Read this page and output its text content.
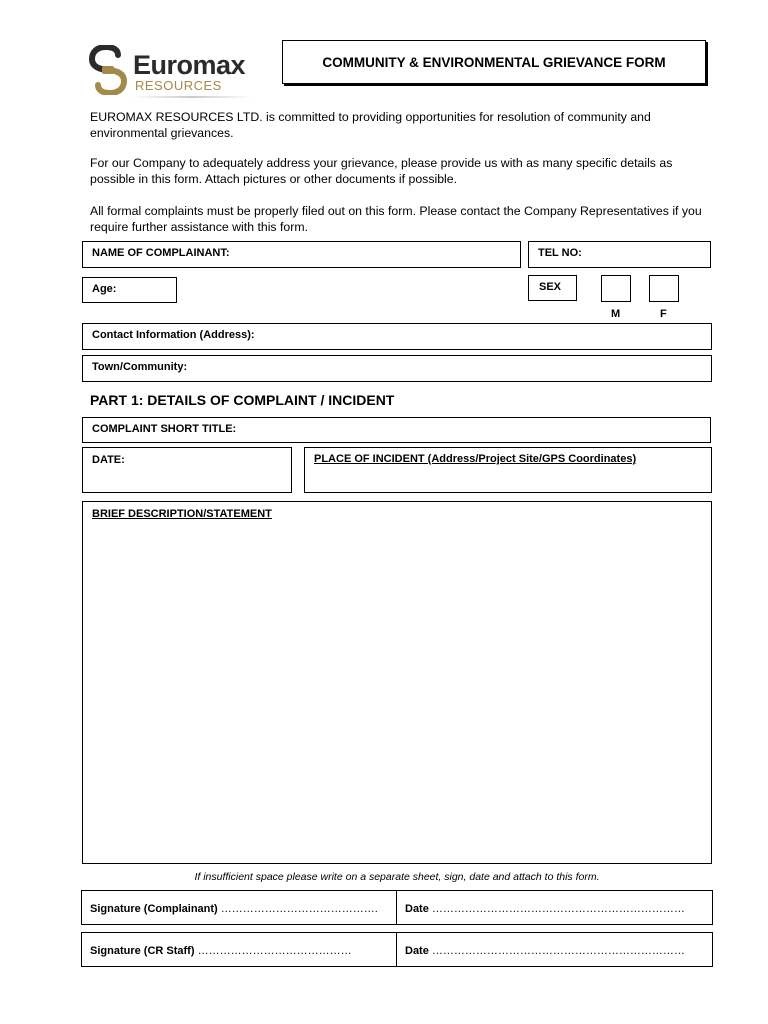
Euromax
RESOURCES
COMMUNITY & ENVIRONMENTAL GRIEVANCE FORM
EUROMAX RESOURCES LTD. is committed to providing opportunities for resolution of community and environmental grievances.
For our Company to adequately address your grievance, please provide us with as many specific details as possible in this form. Attach pictures or other documents if possible.
All formal complaints must be properly filed out on this form. Please contact the Company Representatives if you require further assistance with this form.
NAME OF COMPLAINANT:	TEL NO:
Age:	SEX
M	F
Contact Information (Address):
Town/Community:
PART 1: DETAILS OF COMPLAINT / INCIDENT
COMPLAINT SHORT TITLE:
DATE:	PLACE OF INCIDENT (Address/Project Site/GPS Coordinates)
BRIEF DESCRIPTION/STATEMENT
If insufficient space please write on a separate sheet, sign, date and attach to this form.
Signature (Complainant) ……………………………………. Date ……………………………………………………………
Signature (CR Staff) ……………………………………	Date ……………………………………………………………
